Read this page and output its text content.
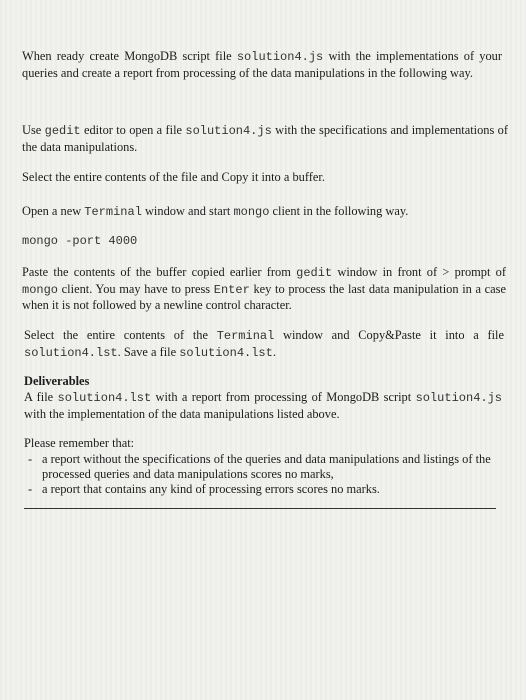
When ready create MongoDB script file solution4.js with the implementations of your queries and create a report from processing of the data manipulations in the following way.

Use gedit editor to open a file solution4.js with the specifications and implementations of the data manipulations.

Select the entire contents of the file and Copy it into a buffer.

Open a new Terminal window and start mongo client in the following way.

mongo -port 4000

Paste the contents of the buffer copied earlier from gedit window in front of > prompt of mongo client. You may have to press Enter key to process the last data manipulation in a case when it is not followed by a newline control character.

Select the entire contents of the Terminal window and Copy&Paste it into a file solution4.lst. Save a file solution4.lst.

Deliverables

A file solution4.lst with a report from processing of MongoDB script solution4.js with the implementation of the data manipulations listed above.

Please remember that:

- a report without the specifications of the queries and data manipulations and listings of the processed queries and data manipulations scores no marks,
- a report that contains any kind of processing errors scores no marks.
